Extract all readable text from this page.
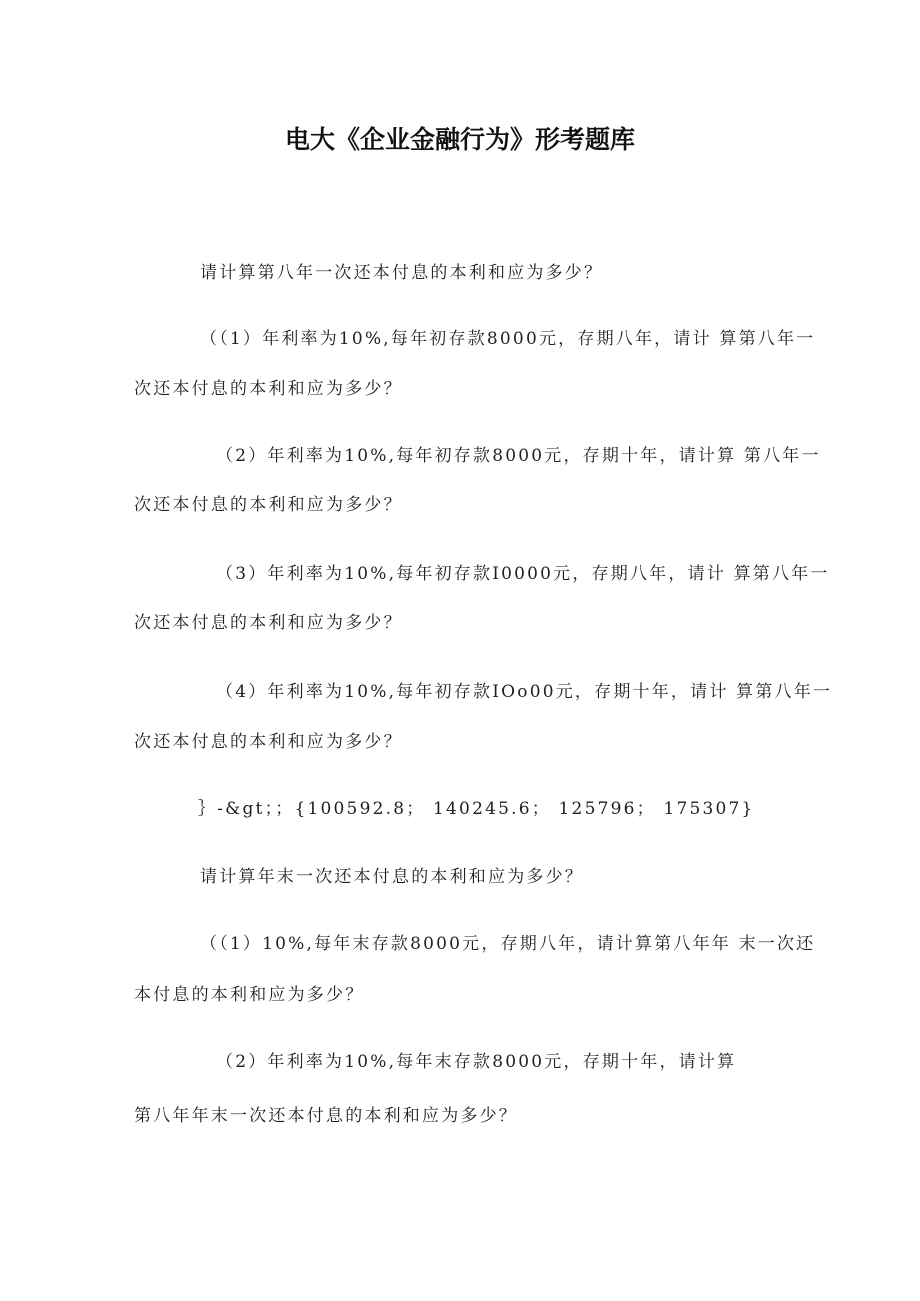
电大《企业金融行为》形考题库
请计算第八年一次还本付息的本利和应为多少？
（（1）年利率为10%,每年初存款8000元，存期八年，请计 算第八年一
次还本付息的本利和应为多少？
（2）年利率为10%,每年初存款8000元，存期十年，请计算 第八年一
次还本付息的本利和应为多少？
（3）年利率为10%,每年初存款I0000元，存期八年，请计 算第八年一
次还本付息的本利和应为多少？
（4）年利率为10%,每年初存款IOo00元，存期十年，请计 算第八年一
次还本付息的本利和应为多少？
｝-&gt；；{100592.8； 140245.6； 125796； 175307}
请计算年末一次还本付息的本利和应为多少？
（（1）10%,每年末存款8000元，存期八年，请计算第八年年 末一次还
本付息的本利和应为多少？
（2）年利率为10%,每年末存款8000元，存期十年，请计算
第八年年末一次还本付息的本利和应为多少？
